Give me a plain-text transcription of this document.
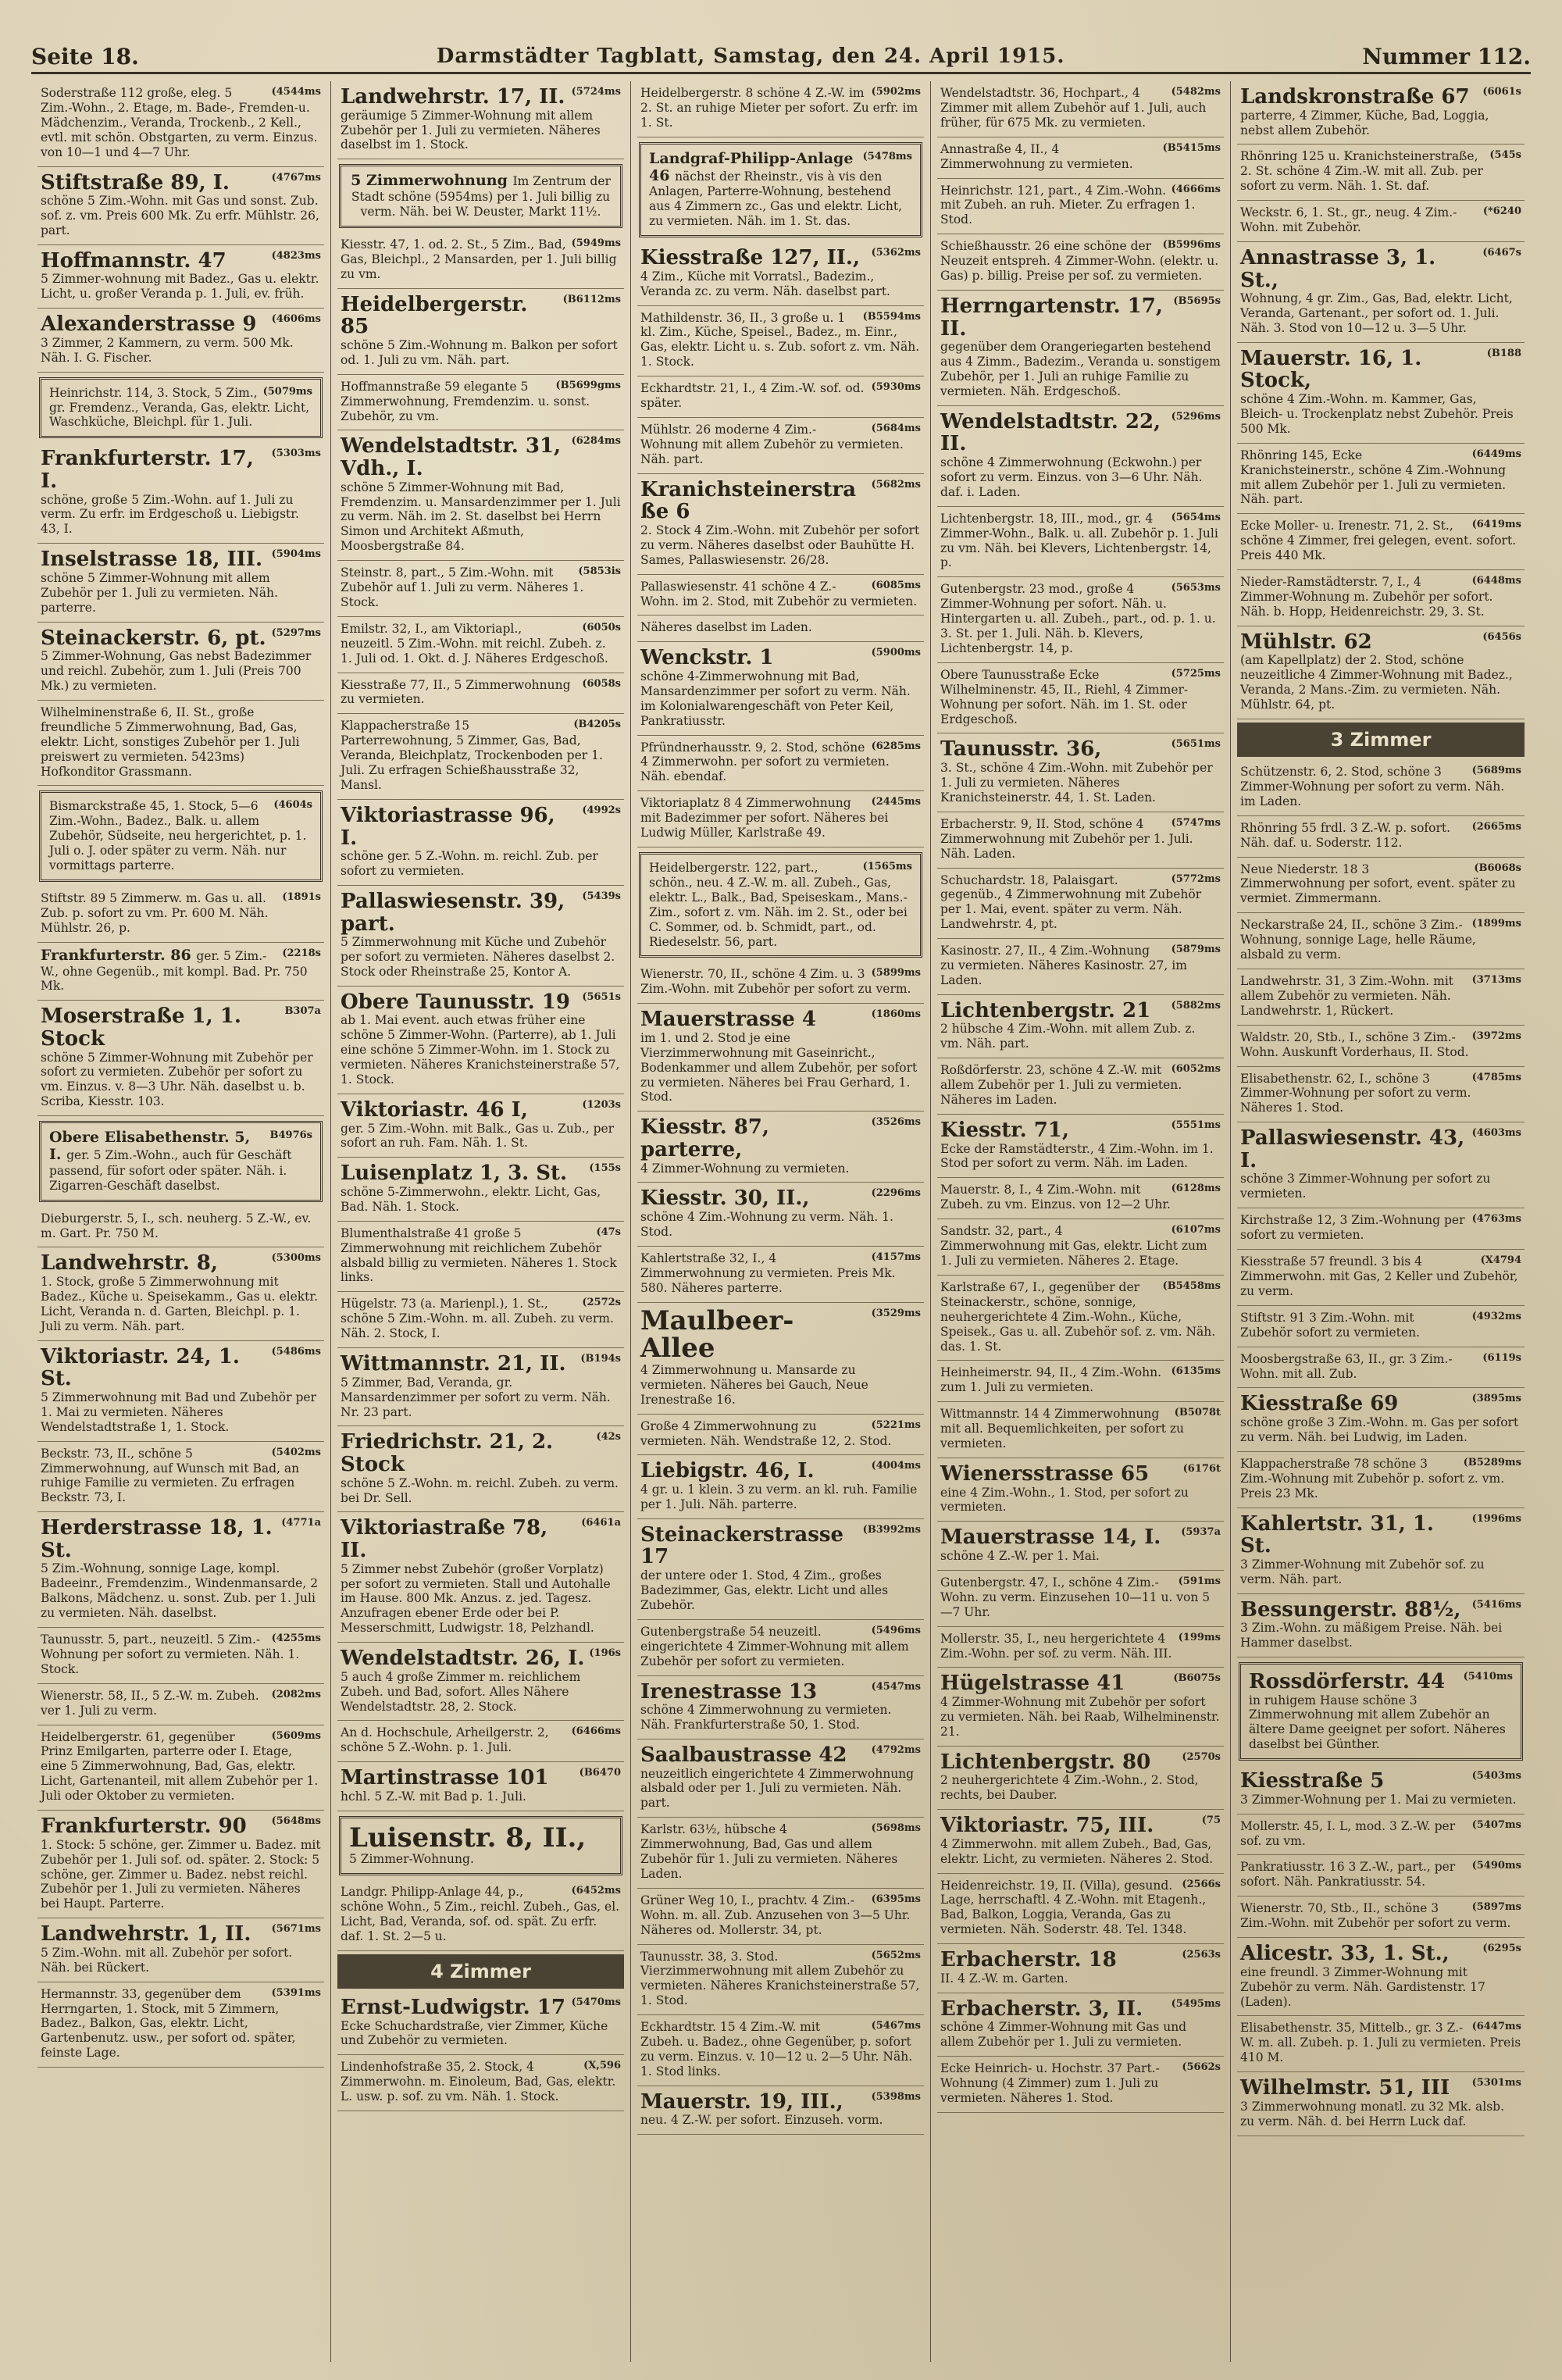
Seite 18.	Darmstädter Tagblatt, Samstag, den 24. April 1915.	Nummer 112.
(4544ms
Soderstraße 112 große, eleg. 5 Zim.-Wohn., 2. Etage, m. Bade-, Fremden-u. Mädchenzim., Veranda, Trockenb., 2 Kell., evtl. mit schön. Obstgarten, zu verm. Einzus. von 10—1 und 4—7 Uhr.
(4767ms
Stiftstraße 89, I.
schöne 5 Zim.-Wohn. mit Gas und sonst. Zub. sof. z. vm. Preis 600 Mk. Zu erfr. Mühlstr. 26, part.
(4823ms
Hoffmannstr. 47
5 Zimmer-wohnung mit Badez., Gas u. elektr. Licht, u. großer Veranda p. 1. Juli, ev. früh.
(4606ms
Alexanderstrasse 9
3 Zimmer, 2 Kammern, zu verm. 500 Mk. Näh. I. G. Fischer.
(5079ms
Heinrichstr. 114, 3. Stock, 5 Zim., gr. Fremdenz., Veranda, Gas, elektr. Licht, Waschküche, Bleichpl. für 1. Juli.
(5303ms
Frankfurterstr. 17, I.
schöne, große 5 Zim.-Wohn. auf 1. Juli zu verm. Zu erfr. im Erdgeschoß u. Liebigstr. 43, I.
(5904ms
Inselstrasse 18, III.
schöne 5 Zimmer-Wohnung mit allem Zubehör per 1. Juli zu vermieten. Näh. parterre.
(5297ms
Steinackerstr. 6, pt.
5 Zimmer-Wohnung, Gas nebst Badezimmer und reichl. Zubehör, zum 1. Juli (Preis 700 Mk.) zu vermieten.
Wilhelminenstraße 6, II. St., große freundliche 5 Zimmerwohnung, Bad, Gas, elektr. Licht, sonstiges Zubehör per 1. Juli preiswert zu vermieten. 5423ms) Hofkonditor Grassmann.
(4604s
Bismarckstraße 45, 1. Stock, 5—6 Zim.-Wohn., Badez., Balk. u. allem Zubehör, Südseite, neu hergerichtet, p. 1. Juli o. J. oder später zu verm. Näh. nur vormittags parterre.
(1891s
Stiftstr. 89 5 Zimmerw. m. Gas u. all. Zub. p. sofort zu vm. Pr. 600 M. Näh. Mühlstr. 26, p.
(2218s
Frankfurterstr. 86 ger. 5 Zim.-W., ohne Gegenüb., mit kompl. Bad. Pr. 750 Mk.
B307a
Moserstraße 1, 1. Stock
schöne 5 Zimmer-Wohnung mit Zubehör per sofort zu vermieten. Zubehör per sofort zu vm. Einzus. v. 8—3 Uhr. Näh. daselbst u. b. Scriba, Kiesstr. 103.
B4976s
Obere Elisabethenstr. 5, I. ger. 5 Zim.-Wohn., auch für Geschäft passend, für sofort oder später. Näh. i. Zigarren-Geschäft daselbst.
Dieburgerstr. 5, I., sch. neuherg. 5 Z.-W., ev. m. Gart. Pr. 750 M.
(5300ms
Landwehrstr. 8,
1. Stock, große 5 Zimmerwohnung mit Badez., Küche u. Speisekamm., Gas u. elektr. Licht, Veranda n. d. Garten, Bleichpl. p. 1. Juli zu verm. Näh. part.
(5486ms
Viktoriastr. 24, 1. St.
5 Zimmerwohnung mit Bad und Zubehör per 1. Mai zu vermieten. Näheres Wendelstadtstraße 1, 1. Stock.
(5402ms
Beckstr. 73, II., schöne 5 Zimmerwohnung, auf Wunsch mit Bad, an ruhige Familie zu vermieten. Zu erfragen Beckstr. 73, I.
(4771a
Herderstrasse 18, 1. St.
5 Zim.-Wohnung, sonnige Lage, kompl. Badeeinr., Fremdenzim., Windenmansarde, 2 Balkons, Mädchenz. u. sonst. Zub. per 1. Juli zu vermieten. Näh. daselbst.
(4255ms
Taunusstr. 5, part., neuzeitl. 5 Zim.-Wohnung per sofort zu vermieten. Näh. 1. Stock.
(2082ms
Wienerstr. 58, II., 5 Z.-W. m. Zubeh. ver 1. Juli zu verm.
(5609ms
Heidelbergerstr. 61, gegenüber Prinz Emilgarten, parterre oder I. Etage, eine 5 Zimmerwohnung, Bad, Gas, elektr. Licht, Gartenanteil, mit allem Zubehör per 1. Juli oder Oktober zu vermieten.
(5648ms
Frankfurterstr. 90
1. Stock: 5 schöne, ger. Zimmer u. Badez. mit Zubehör per 1. Juli sof. od. später. 2. Stock: 5 schöne, ger. Zimmer u. Badez. nebst reichl. Zubehör per 1. Juli zu vermieten. Näheres bei Haupt. Parterre.
(5671ms
Landwehrstr. 1, II.
5 Zim.-Wohn. mit all. Zubehör per sofort. Näh. bei Rückert.
(5391ms
Hermannstr. 33, gegenüber dem Herrngarten, 1. Stock, mit 5 Zimmern, Badez., Balkon, Gas, elektr. Licht, Gartenbenutz. usw., per sofort od. später, feinste Lage.
(5724ms
Landwehrstr. 17, II.
geräumige 5 Zimmer-Wohnung mit allem Zubehör per 1. Juli zu vermieten. Näheres daselbst im 1. Stock.
5 Zimmerwohnung Im Zentrum der Stadt schöne (5954ms) per 1. Juli billig zu verm. Näh. bei W. Deuster, Markt 11½.
(5949ms
Kiesstr. 47, 1. od. 2. St., 5 Zim., Bad, Gas, Bleichpl., 2 Mansarden, per 1. Juli billig zu vm.
(B6112ms
Heidelbergerstr. 85
schöne 5 Zim.-Wohnung m. Balkon per sofort od. 1. Juli zu vm. Näh. part.
(B5699gms
Hoffmannstraße 59 elegante 5 Zimmerwohnung, Fremdenzim. u. sonst. Zubehör, zu vm.
(6284ms
Wendelstadtstr. 31, Vdh., I.
schöne 5 Zimmer-Wohnung mit Bad, Fremdenzim. u. Mansardenzimmer per 1. Juli zu verm. Näh. im 2. St. daselbst bei Herrn Simon und Architekt Aßmuth, Moosbergstraße 84.
(5853is
Steinstr. 8, part., 5 Zim.-Wohn. mit Zubehör auf 1. Juli zu verm. Näheres 1. Stock.
(6050s
Emilstr. 32, I., am Viktoriapl., neuzeitl. 5 Zim.-Wohn. mit reichl. Zubeh. z. 1. Juli od. 1. Okt. d. J. Näheres Erdgeschoß.
(6058s
Kiesstraße 77, II., 5 Zimmerwohnung zu vermieten.
(B4205s
Klappacherstraße 15 Parterrewohnung, 5 Zimmer, Gas, Bad, Veranda, Bleichplatz, Trockenboden per 1. Juli. Zu erfragen Schießhausstraße 32, Mansl.
(4992s
Viktoriastrasse 96, I.
schöne ger. 5 Z.-Wohn. m. reichl. Zub. per sofort zu vermieten.
(5439s
Pallaswiesenstr. 39, part.
5 Zimmerwohnung mit Küche und Zubehör per sofort zu vermieten. Näheres daselbst 2. Stock oder Rheinstraße 25, Kontor A.
(5651s
Obere Taunusstr. 19
ab 1. Mai event. auch etwas früher eine schöne 5 Zimmer-Wohn. (Parterre), ab 1. Juli eine schöne 5 Zimmer-Wohn. im 1. Stock zu vermieten. Näheres Kranichsteinerstraße 57, 1. Stock.
(1203s
Viktoriastr. 46 I,
ger. 5 Zim.-Wohn. mit Balk., Gas u. Zub., per sofort an ruh. Fam. Näh. 1. St.
(155s
Luisenplatz 1, 3. St.
schöne 5-Zimmerwohn., elektr. Licht, Gas, Bad. Näh. 1. Stock.
(47s
Blumenthalstraße 41 große 5 Zimmerwohnung mit reichlichem Zubehör alsbald billig zu vermieten. Näheres 1. Stock links.
(2572s
Hügelstr. 73 (a. Marienpl.), 1. St., schöne 5 Zim.-Wohn. m. all. Zubeh. zu verm. Näh. 2. Stock, I.
(B194s
Wittmannstr. 21, II.
5 Zimmer, Bad, Veranda, gr. Mansardenzimmer per sofort zu verm. Näh. Nr. 23 part.
(42s
Friedrichstr. 21, 2. Stock
schöne 5 Z.-Wohn. m. reichl. Zubeh. zu verm. bei Dr. Sell.
(6461a
Viktoriastraße 78, II.
5 Zimmer nebst Zubehör (großer Vorplatz) per sofort zu vermieten. Stall und Autohalle im Hause. 800 Mk. Anzus. z. jed. Tagesz. Anzufragen ebener Erde oder bei P. Messerschmitt, Ludwigstr. 18, Pelzhandl.
(196s
Wendelstadtstr. 26, I.
5 auch 4 große Zimmer m. reichlichem Zubeh. und Bad, sofort. Alles Nähere Wendelstadtstr. 28, 2. Stock.
(6466ms
An d. Hochschule, Arheilgerstr. 2, schöne 5 Z.-Wohn. p. 1. Juli.
(B6470
Martinstrasse 101
hchl. 5 Z.-W. mit Bad p. 1. Juli.
Luisenstr. 8, II.,
5 Zimmer-Wohnung.
(6452ms
Landgr. Philipp-Anlage 44, p., schöne Wohn., 5 Zim., reichl. Zubeh., Gas, el. Licht, Bad, Veranda, sof. od. spät. Zu erfr. daf. 1. St. 2—5 u.
4 Zimmer
(5470ms
Ernst-Ludwigstr. 17
Ecke Schuchardstraße, vier Zimmer, Küche und Zubehör zu vermieten.
(X,596
Lindenhofstraße 35, 2. Stock, 4 Zimmerwohn. m. Einoleum, Bad, Gas, elektr. L. usw. p. sof. zu vm. Näh. 1. Stock.
(5902ms
Heidelbergerstr. 8 schöne 4 Z.-W. im 2. St. an ruhige Mieter per sofort. Zu erfr. im 1. St.
(5478ms
Landgraf-Philipp-Anlage 46 nächst der Rheinstr., vis à vis den Anlagen, Parterre-Wohnung, bestehend aus 4 Zimmern zc., Gas und elektr. Licht, zu vermieten. Näh. im 1. St. das.
(5362ms
Kiesstraße 127, II.,
4 Zim., Küche mit Vorratsl., Badezim., Veranda zc. zu verm. Näh. daselbst part.
(B5594ms
Mathildenstr. 36, II., 3 große u. 1 kl. Zim., Küche, Speisel., Badez., m. Einr., Gas, elektr. Licht u. s. Zub. sofort z. vm. Näh. 1. Stock.
(5930ms
Eckhardtstr. 21, I., 4 Zim.-W. sof. od. später.
(5684ms
Mühlstr. 26 moderne 4 Zim.-Wohnung mit allem Zubehör zu vermieten. Näh. part.
(5682ms
Kranichsteinerstraße 6
2. Stock 4 Zim.-Wohn. mit Zubehör per sofort zu verm. Näheres daselbst oder Bauhütte H. Sames, Pallaswiesenstr. 26/28.
(6085ms
Pallaswiesenstr. 41 schöne 4 Z.-Wohn. im 2. Stod, mit Zubehör zu vermieten.
Näheres daselbst im Laden.
(5900ms
Wenckstr. 1
schöne 4-Zimmerwohnung mit Bad, Mansardenzimmer per sofort zu verm. Näh. im Kolonialwarengeschäft von Peter Keil, Pankratiusstr.
(6285ms
Pfründnerhausstr. 9, 2. Stod, schöne 4 Zimmerwohn. per sofort zu vermieten. Näh. ebendaf.
(2445ms
Viktoriaplatz 8 4 Zimmerwohnung mit Badezimmer per sofort. Näheres bei Ludwig Müller, Karlstraße 49.
(1565ms
Heidelbergerstr. 122, part., schön., neu. 4 Z.-W. m. all. Zubeh., Gas, elektr. L., Balk., Bad, Speiseskam., Mans.-Zim., sofort z. vm. Näh. im 2. St., oder bei C. Sommer, od. b. Schmidt, part., od. Riedeselstr. 56, part.
(5899ms
Wienerstr. 70, II., schöne 4 Zim. u. 3 Zim.-Wohn. mit Zubehör per sofort zu verm.
(1860ms
Mauerstrasse 4
im 1. und 2. Stod je eine Vierzimmerwohnung mit Gaseinricht., Bodenkammer und allem Zubehör, per sofort zu vermieten. Näheres bei Frau Gerhard, 1. Stod.
(3526ms
Kiesstr. 87, parterre,
4 Zimmer-Wohnung zu vermieten.
(2296ms
Kiesstr. 30, II.,
schöne 4 Zim.-Wohnung zu verm. Näh. 1. Stod.
(4157ms
Kahlertstraße 32, I., 4 Zimmerwohnung zu vermieten. Preis Mk. 580. Näheres parterre.
(3529ms
Maulbeer-Allee
4 Zimmerwohnung u. Mansarde zu vermieten. Näheres bei Gauch, Neue Irenestraße 16.
(5221ms
Große 4 Zimmerwohnung zu vermieten. Näh. Wendstraße 12, 2. Stod.
(4004ms
Liebigstr. 46, I.
4 gr. u. 1 klein. 3 zu verm. an kl. ruh. Familie per 1. Juli. Näh. parterre.
(B3992ms
Steinackerstrasse 17
der untere oder 1. Stod, 4 Zim., großes Badezimmer, Gas, elektr. Licht und alles Zubehör.
(5496ms
Gutenbergstraße 54 neuzeitl. eingerichtete 4 Zimmer-Wohnung mit allem Zubehör per sofort zu vermieten.
(4547ms
Irenestrasse 13
schöne 4 Zimmerwohnung zu vermieten. Näh. Frankfurterstraße 50, 1. Stod.
(4792ms
Saalbaustrasse 42
neuzeitlich eingerichtete 4 Zimmerwohnung alsbald oder per 1. Juli zu vermieten. Näh. part.
(5698ms
Karlstr. 63½, hübsche 4 Zimmerwohnung, Bad, Gas und allem Zubehör für 1. Juli zu vermieten. Näheres Laden.
(6395ms
Grüner Weg 10, I., prachtv. 4 Zim.-Wohn. m. all. Zub. Anzusehen von 3—5 Uhr. Näheres od. Mollerstr. 34, pt.
(5652ms
Taunusstr. 38, 3. Stod. Vierzimmerwohnung mit allem Zubehör zu vermieten. Näheres Kranichsteinerstraße 57, 1. Stod.
(5467ms
Eckhardtstr. 15 4 Zim.-W. mit Zubeh. u. Badez., ohne Gegenüber, p. sofort zu verm. Einzus. v. 10—12 u. 2—5 Uhr. Näh. 1. Stod links.
(5398ms
Mauerstr. 19, III.,
neu. 4 Z.-W. per sofort. Einzuseh. vorm.
(5482ms
Wendelstadtstr. 36, Hochpart., 4 Zimmer mit allem Zubehör auf 1. Juli, auch früher, für 675 Mk. zu vermieten.
(B5415ms
Annastraße 4, II., 4 Zimmerwohnung zu vermieten.
(4666ms
Heinrichstr. 121, part., 4 Zim.-Wohn. mit Zubeh. an ruh. Mieter. Zu erfragen 1. Stod.
(B5996ms
Schießhausstr. 26 eine schöne der Neuzeit entspreh. 4 Zimmer-Wohn. (elektr. u. Gas) p. billig. Preise per sof. zu vermieten.
(B5695s
Herrngartenstr. 17, II.
gegenüber dem Orangeriegarten bestehend aus 4 Zimm., Badezim., Veranda u. sonstigem Zubehör, per 1. Juli an ruhige Familie zu vermieten. Näh. Erdgeschoß.
(5296ms
Wendelstadtstr. 22, II.
schöne 4 Zimmerwohnung (Eckwohn.) per sofort zu verm. Einzus. von 3—6 Uhr. Näh. daf. i. Laden.
(5654ms
Lichtenbergstr. 18, III., mod., gr. 4 Zimmer-Wohn., Balk. u. all. Zubehör p. 1. Juli zu vm. Näh. bei Klevers, Lichtenbergstr. 14, p.
(5653ms
Gutenbergstr. 23 mod., große 4 Zimmer-Wohnung per sofort. Näh. u. Hintergarten u. all. Zubeh., part., od. p. 1. u. 3. St. per 1. Juli. Näh. b. Klevers, Lichtenbergstr. 14, p.
(5725ms
Obere Taunusstraße Ecke Wilhelminenstr. 45, II., Riehl, 4 Zimmer-Wohnung per sofort. Näh. im 1. St. oder Erdgeschoß.
(5651ms
Taunusstr. 36,
3. St., schöne 4 Zim.-Wohn. mit Zubehör per 1. Juli zu vermieten. Näheres Kranichsteinerstr. 44, 1. St. Laden.
(5747ms
Erbacherstr. 9, II. Stod, schöne 4 Zimmerwohnung mit Zubehör per 1. Juli. Näh. Laden.
(5772ms
Schuchardstr. 18, Palaisgart. gegenüb., 4 Zimmerwohnung mit Zubehör per 1. Mai, event. später zu verm. Näh. Landwehrstr. 4, pt.
(5879ms
Kasinostr. 27, II., 4 Zim.-Wohnung zu vermieten. Näheres Kasinostr. 27, im Laden.
(5882ms
Lichtenbergstr. 21
2 hübsche 4 Zim.-Wohn. mit allem Zub. z. vm. Näh. part.
(6052ms
Roßdörferstr. 23, schöne 4 Z.-W. mit allem Zubehör per 1. Juli zu vermieten. Näheres im Laden.
(5551ms
Kiesstr. 71,
Ecke der Ramstädterstr., 4 Zim.-Wohn. im 1. Stod per sofort zu verm. Näh. im Laden.
(6128ms
Mauerstr. 8, I., 4 Zim.-Wohn. mit Zubeh. zu vm. Einzus. von 12—2 Uhr.
(6107ms
Sandstr. 32, part., 4 Zimmerwohnung mit Gas, elektr. Licht zum 1. Juli zu vermieten. Näheres 2. Etage.
(B5458ms
Karlstraße 67, I., gegenüber der Steinackerstr., schöne, sonnige, neuhergerichtete 4 Zim.-Wohn., Küche, Speisek., Gas u. all. Zubehör sof. z. vm. Näh. das. 1. St.
(6135ms
Heinheimerstr. 94, II., 4 Zim.-Wohn. zum 1. Juli zu vermieten.
(B5078t
Wittmannstr. 14 4 Zimmerwohnung mit all. Bequemlichkeiten, per sofort zu vermieten.
(6176t
Wienersstrasse 65
eine 4 Zim.-Wohn., 1. Stod, per sofort zu vermieten.
(5937a
Mauerstrasse 14, I.
schöne 4 Z.-W. per 1. Mai.
(591ms
Gutenbergstr. 47, I., schöne 4 Zim.-Wohn. zu verm. Einzusehen 10—11 u. von 5—7 Uhr.
(199ms
Mollerstr. 35, I., neu hergerichtete 4 Zim.-Wohn. per sof. zu verm. Näh. III.
(B6075s
Hügelstrasse 41
4 Zimmer-Wohnung mit Zubehör per sofort zu vermieten. Näh. bei Raab, Wilhelminenstr. 21.
(2570s
Lichtenbergstr. 80
2 neuhergerichtete 4 Zim.-Wohn., 2. Stod, rechts, bei Dauber.
(75
Viktoriastr. 75, III.
4 Zimmerwohn. mit allem Zubeh., Bad, Gas, elektr. Licht, zu vermieten. Näheres 2. Stod.
(2566s
Heidenreichstr. 19, II. (Villa), gesund. Lage, herrschaftl. 4 Z.-Wohn. mit Etagenh., Bad, Balkon, Loggia, Veranda, Gas zu vermieten. Näh. Soderstr. 48. Tel. 1348.
(2563s
Erbacherstr. 18
II. 4 Z.-W. m. Garten.
(5495ms
Erbacherstr. 3, II.
schöne 4 Zimmer-Wohnung mit Gas und allem Zubehör per 1. Juli zu vermieten.
(5662s
Ecke Heinrich- u. Hochstr. 37 Part.-Wohnung (4 Zimmer) zum 1. Juli zu vermieten. Näheres 1. Stod.
(6061s
Landskronstraße 67
parterre, 4 Zimmer, Küche, Bad, Loggia, nebst allem Zubehör.
(545s
Rhönring 125 u. Kranichsteinerstraße, 2. St. schöne 4 Zim.-W. mit all. Zub. per sofort zu verm. Näh. 1. St. daf.
(*6240
Weckstr. 6, 1. St., gr., neug. 4 Zim.-Wohn. mit Zubehör.
(6467s
Annastrasse 3, 1. St.,
Wohnung, 4 gr. Zim., Gas, Bad, elektr. Licht, Veranda, Gartenant., per sofort od. 1. Juli. Näh. 3. Stod von 10—12 u. 3—5 Uhr.
(B188
Mauerstr. 16, 1. Stock,
schöne 4 Zim.-Wohn. m. Kammer, Gas, Bleich- u. Trockenplatz nebst Zubehör. Preis 500 Mk.
(6449ms
Rhönring 145, Ecke Kranichsteinerstr., schöne 4 Zim.-Wohnung mit allem Zubehör per 1. Juli zu vermieten. Näh. part.
(6419ms
Ecke Moller- u. Irenestr. 71, 2. St., schöne 4 Zimmer, frei gelegen, event. sofort. Preis 440 Mk.
(6448ms
Nieder-Ramstädterstr. 7, I., 4 Zimmer-Wohnung m. Zubehör per sofort. Näh. b. Hopp, Heidenreichstr. 29, 3. St.
(6456s
Mühlstr. 62
(am Kapellplatz) der 2. Stod, schöne neuzeitliche 4 Zimmer-Wohnung mit Badez., Veranda, 2 Mans.-Zim. zu vermieten. Näh. Mühlstr. 64, pt.
3 Zimmer
(5689ms
Schützenstr. 6, 2. Stod, schöne 3 Zimmer-Wohnung per sofort zu verm. Näh. im Laden.
(2665ms
Rhönring 55 frdl. 3 Z.-W. p. sofort. Näh. daf. u. Soderstr. 112.
(B6068s
Neue Niederstr. 18 3 Zimmerwohnung per sofort, event. später zu vermiet. Zimmermann.
(1899ms
Neckarstraße 24, II., schöne 3 Zim.-Wohnung, sonnige Lage, helle Räume, alsbald zu verm.
(3713ms
Landwehrstr. 31, 3 Zim.-Wohn. mit allem Zubehör zu vermieten. Näh. Landwehrstr. 1, Rückert.
(3972ms
Waldstr. 20, Stb., I., schöne 3 Zim.-Wohn. Auskunft Vorderhaus, II. Stod.
(4785ms
Elisabethenstr. 62, I., schöne 3 Zimmer-Wohnung per sofort zu verm. Näheres 1. Stod.
(4603ms
Pallaswiesenstr. 43, I.
schöne 3 Zimmer-Wohnung per sofort zu vermieten.
(4763ms
Kirchstraße 12, 3 Zim.-Wohnung per sofort zu vermieten.
(X4794
Kiesstraße 57 freundl. 3 bis 4 Zimmerwohn. mit Gas, 2 Keller und Zubehör, zu verm.
(4932ms
Stiftstr. 91 3 Zim.-Wohn. mit Zubehör sofort zu vermieten.
(6119s
Moosbergstraße 63, II., gr. 3 Zim.-Wohn. mit all. Zub.
(3895ms
Kiesstraße 69
schöne große 3 Zim.-Wohn. m. Gas per sofort zu verm. Näh. bei Ludwig, im Laden.
(B5289ms
Klappacherstraße 78 schöne 3 Zim.-Wohnung mit Zubehör p. sofort z. vm. Preis 23 Mk.
(1996ms
Kahlertstr. 31, 1. St.
3 Zimmer-Wohnung mit Zubehör sof. zu verm. Näh. part.
(5416ms
Bessungerstr. 88½,
3 Zim.-Wohn. zu mäßigem Preise. Näh. bei Hammer daselbst.
(5410ms
Rossdörferstr. 44
in ruhigem Hause schöne 3 Zimmerwohnung mit allem Zubehör an ältere Dame geeignet per sofort. Näheres daselbst bei Günther.
(5403ms
Kiesstraße 5
3 Zimmer-Wohnung per 1. Mai zu vermieten.
(5407ms
Mollerstr. 45, I. L, mod. 3 Z.-W. per sof. zu vm.
(5490ms
Pankratiusstr. 16 3 Z.-W., part., per sofort. Näh. Pankratiusstr. 54.
(5897ms
Wienerstr. 70, Stb., II., schöne 3 Zim.-Wohn. mit Zubehör per sofort zu verm.
(6295s
Alicestr. 33, 1. St.,
eine freundl. 3 Zimmer-Wohnung mit Zubehör zu verm. Näh. Gardistenstr. 17 (Laden).
(6447ms
Elisabethenstr. 35, Mittelb., gr. 3 Z.-W. m. all. Zubeh. p. 1. Juli zu vermieten. Preis 410 M.
(5301ms
Wilhelmstr. 51, III
3 Zimmerwohnung monatl. zu 32 Mk. alsb. zu verm. Näh. d. bei Herrn Luck daf.
